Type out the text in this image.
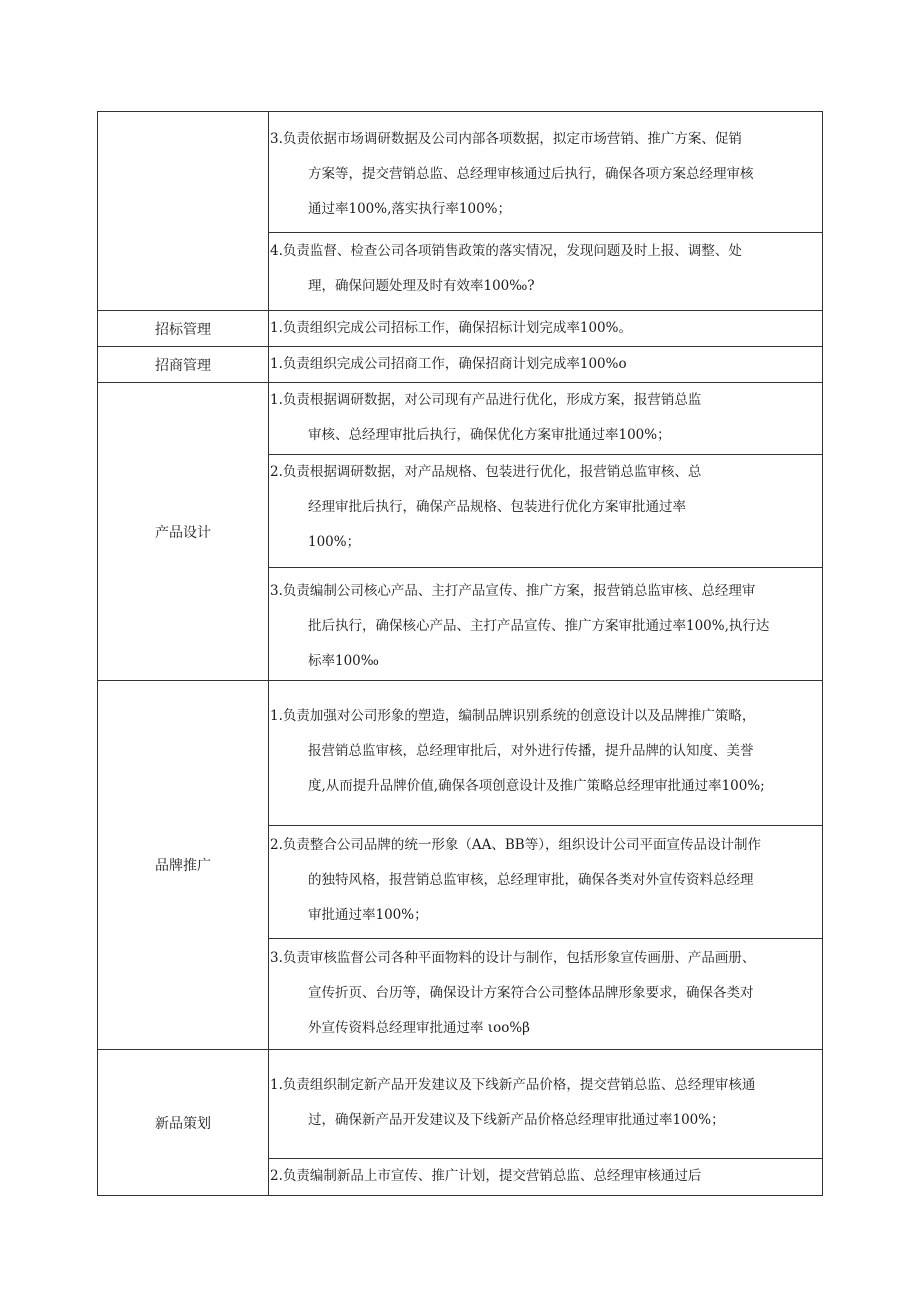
	3.负责依据市场调研数据及公司内部各项数据，拟定市场营销、推广方案、促销
方案等，提交营销总监、总经理审核通过后执行，确保各项方案总经理审核
通过率100%,落实执行率100%；

	4.负责监督、检查公司各项销售政策的落实情况，发现问题及时上报、调整、处
理，确保问题处理及时有效率100‰?

招标管理	1.负责组织完成公司招标工作，确保招标计划完成率100%。

招商管理	1.负责组织完成公司招商工作，确保招商计划完成率100%o

产品设计	1.负责根据调研数据，对公司现有产品进行优化，形成方案，报营销总监
审核、总经理审批后执行，确保优化方案审批通过率100%；

	2.负责根据调研数据，对产品规格、包装进行优化，报营销总监审核、总
经理审批后执行，确保产品规格、包装进行优化方案审批通过率
100%；

	3.负责编制公司核心产品、主打产品宣传、推广方案，报营销总监审核、总经理审
批后执行，确保核心产品、主打产品宣传、推广方案审批通过率100%,执行达
标率100‰

品牌推广	1.负责加强对公司形象的塑造，编制品牌识别系统的创意设计以及品牌推广策略，
报营销总监审核，总经理审批后，对外进行传播，提升品牌的认知度、美誉
度,从而提升品牌价值,确保各项创意设计及推广策略总经理审批通过率100%;

	2.负责整合公司品牌的统一形象（AA、BB等），组织设计公司平面宣传品设计制作
的独特风格，报营销总监审核，总经理审批，确保各类对外宣传资料总经理
审批通过率100%；

	3.负责审核监督公司各种平面物料的设计与制作，包括形象宣传画册、产品画册、
宣传折页、台历等，确保设计方案符合公司整体品牌形象要求，确保各类对
外宣传资料总经理审批通过率 ιoo%β

新品策划	1.负责组织制定新产品开发建议及下线新产品价格，提交营销总监、总经理审核通
过，确保新产品开发建议及下线新产品价格总经理审批通过率100%；

	2.负责编制新品上市宣传、推广计划，提交营销总监、总经理审核通过后
